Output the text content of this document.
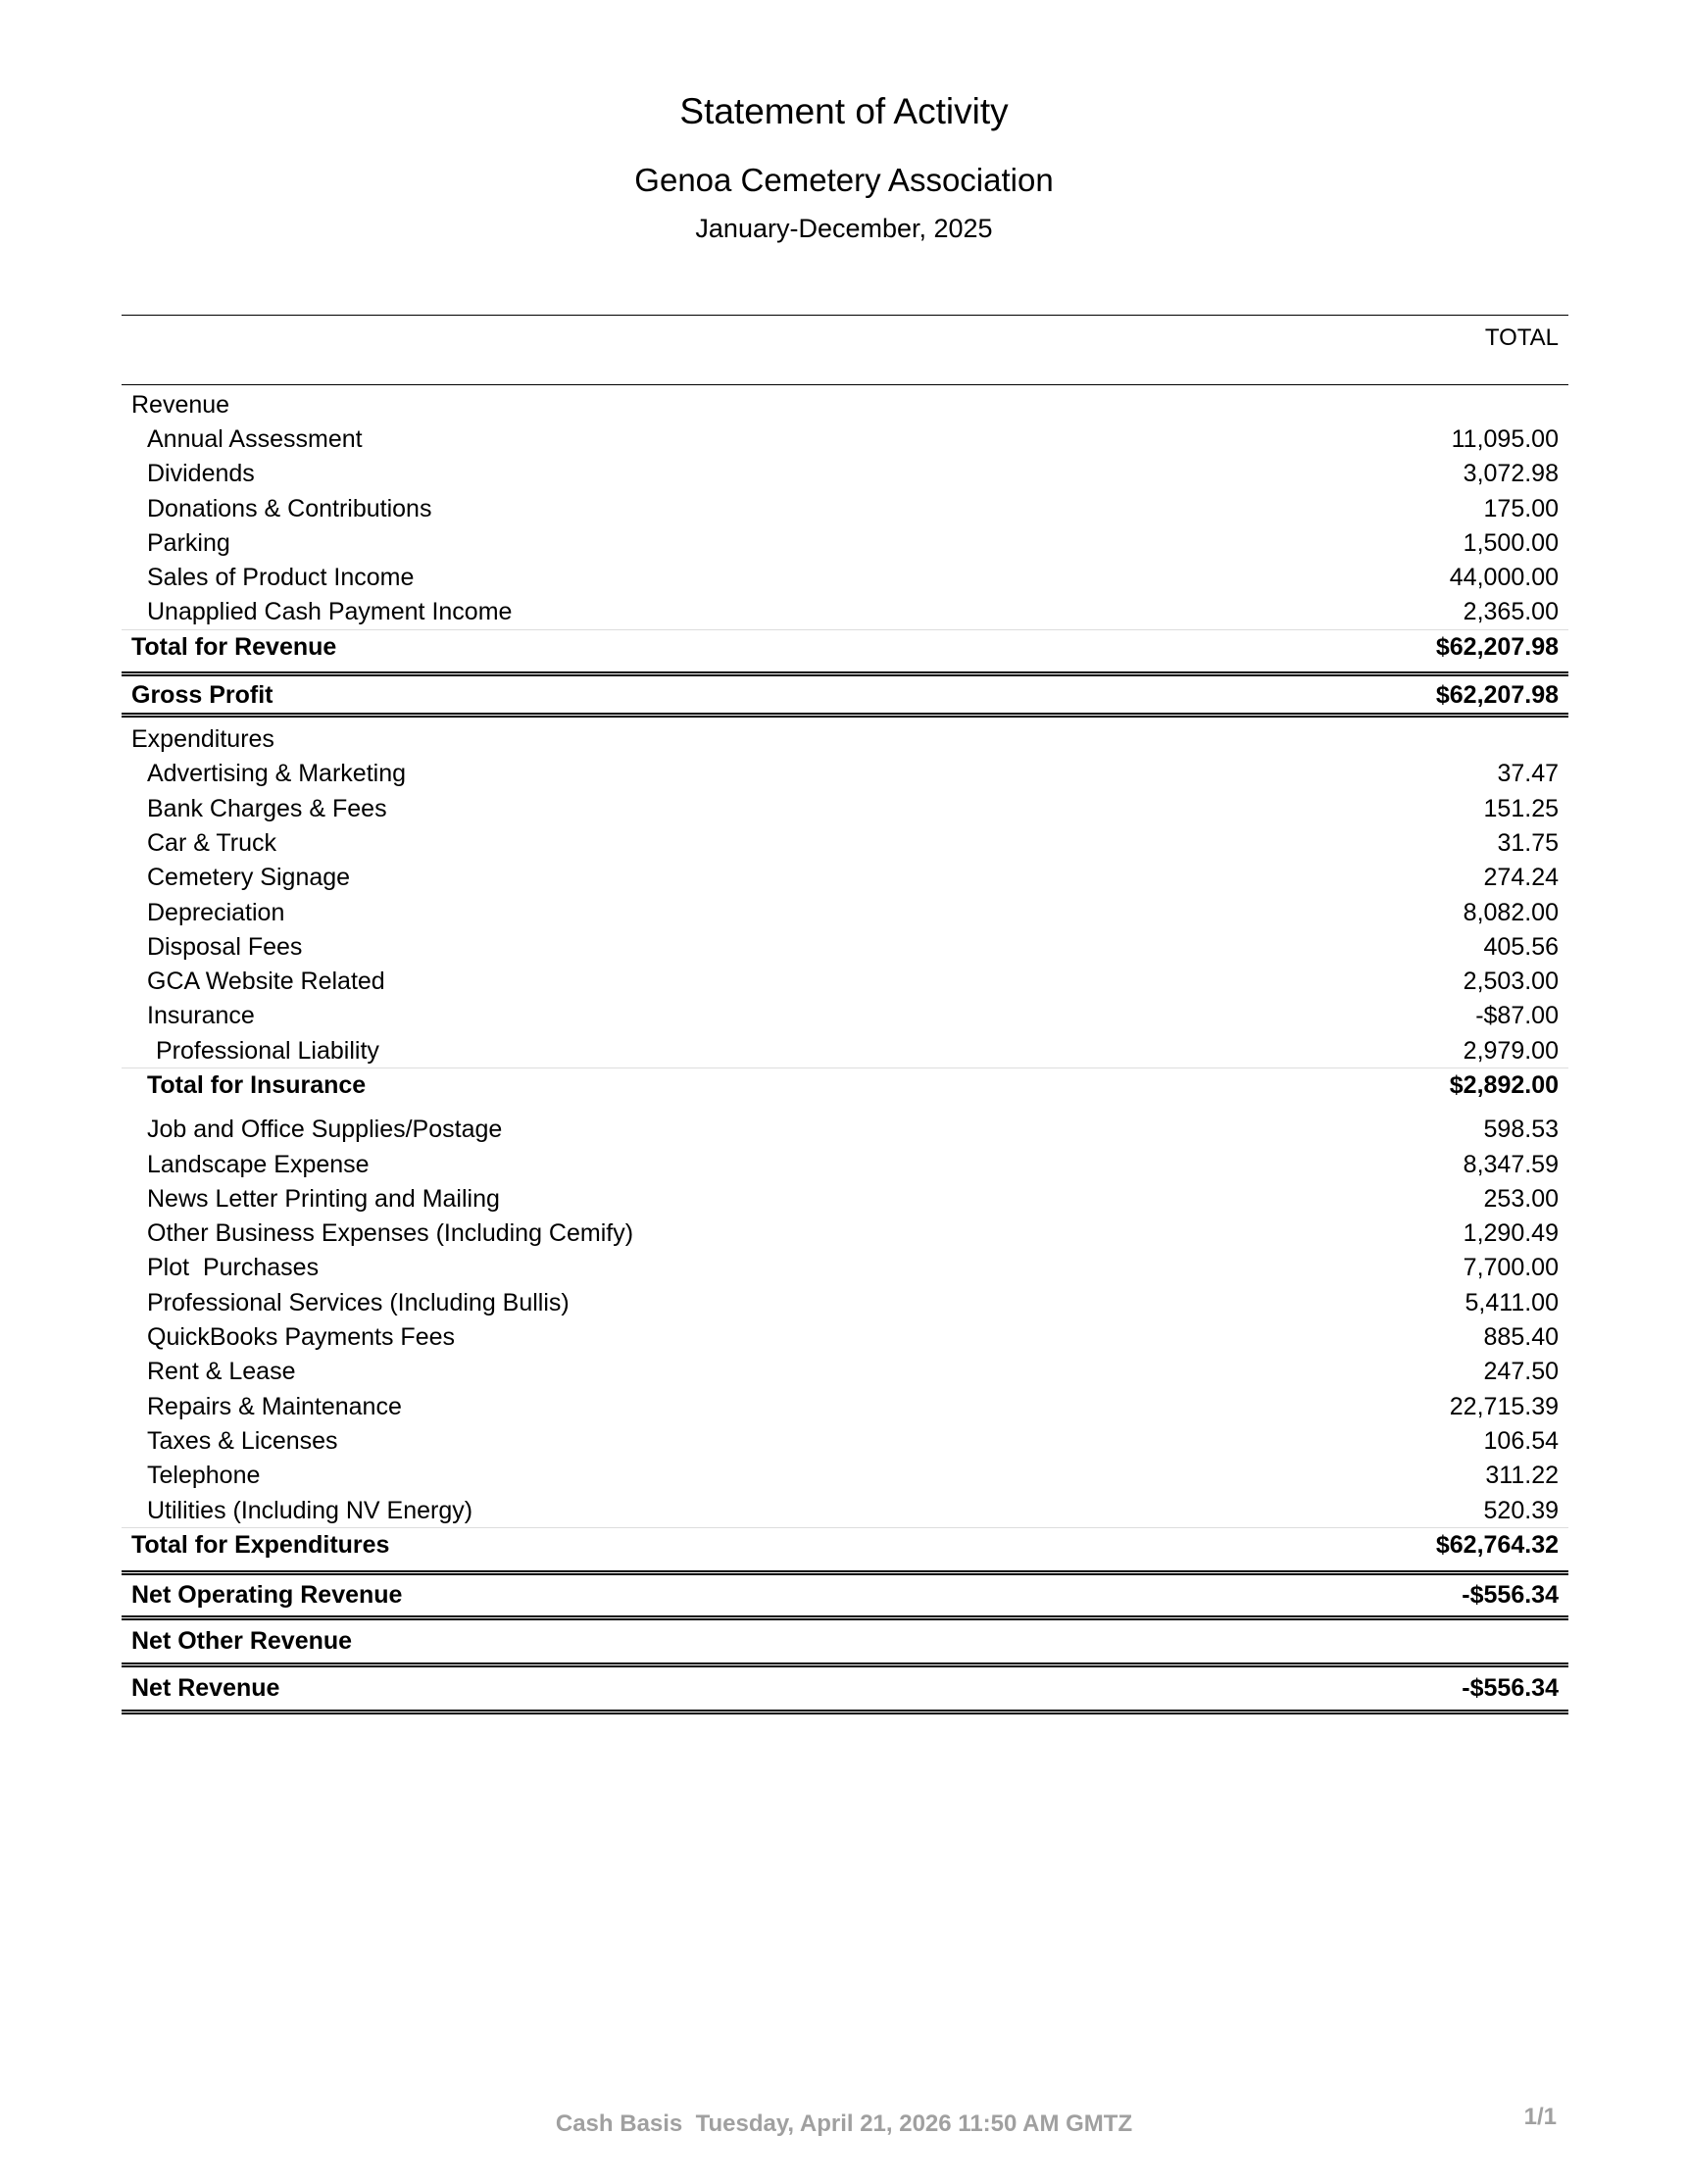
Statement of Activity
Genoa Cemetery Association
January-December, 2025
TOTAL
Revenue
Annual Assessment	11,095.00
Dividends	3,072.98
Donations & Contributions	175.00
Parking	1,500.00
Sales of Product Income	44,000.00
Unapplied Cash Payment Income	2,365.00
Total for Revenue	$62,207.98
Gross Profit	$62,207.98
Expenditures
Advertising & Marketing	37.47
Bank Charges & Fees	151.25
Car & Truck	31.75
Cemetery Signage	274.24
Depreciation	8,082.00
Disposal Fees	405.56
GCA Website Related	2,503.00
Insurance	-$87.00
Professional Liability	2,979.00
Total for Insurance	$2,892.00
Job and Office Supplies/Postage	598.53
Landscape Expense	8,347.59
News Letter Printing and Mailing	253.00
Other Business Expenses (Including Cemify)	1,290.49
Plot  Purchases	7,700.00
Professional Services (Including Bullis)	5,411.00
QuickBooks Payments Fees	885.40
Rent & Lease	247.50
Repairs & Maintenance	22,715.39
Taxes & Licenses	106.54
Telephone	311.22
Utilities (Including NV Energy)	520.39
Total for Expenditures	$62,764.32
Net Operating Revenue	-$556.34
Net Other Revenue
Net Revenue	-$556.34
Cash Basis  Tuesday, April 21, 2026 11:50 AM GMTZ	1/1
